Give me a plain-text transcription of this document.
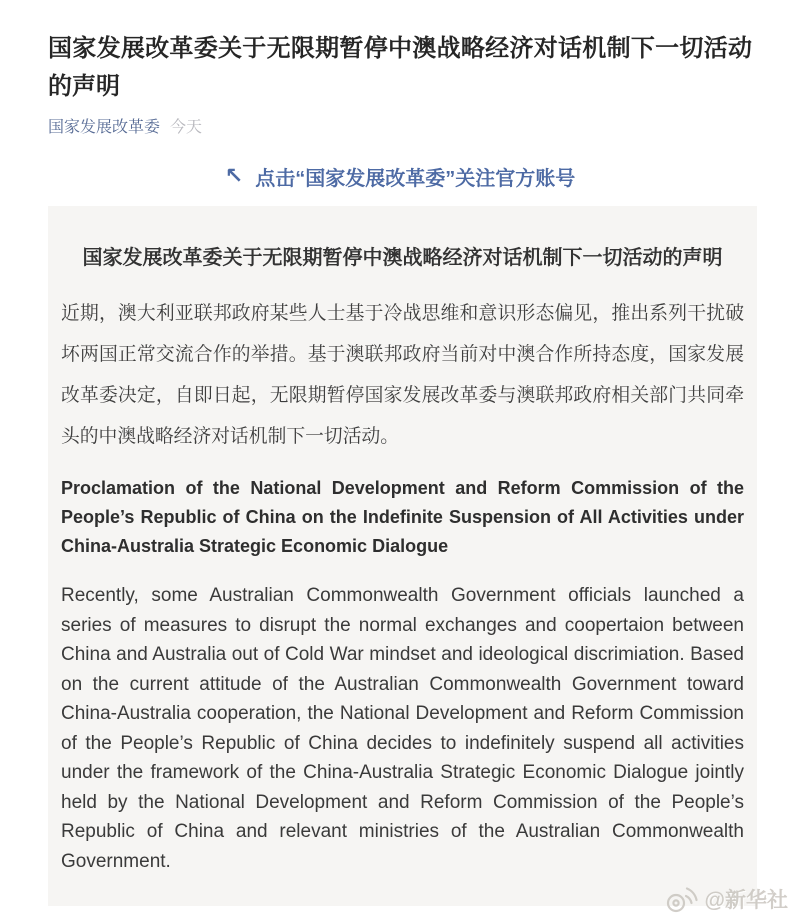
国家发展改革委关于无限期暂停中澳战略经济对话机制下一切活动的声明
国家发展改革委 今天
↖ 点击“国家发展改革委”关注官方账号
国家发展改革委关于无限期暂停中澳战略经济对话机制下一切活动的声明
近期，澳大利亚联邦政府某些人士基于冷战思维和意识形态偏见，推出系列干扰破坏两国正常交流合作的举措。基于澳联邦政府当前对中澳合作所持态度，国家发展改革委决定，自即日起，无限期暂停国家发展改革委与澳联邦政府相关部门共同牵头的中澳战略经济对话机制下一切活动。
Proclamation of the National Development and Reform Commission of the People’s Republic of China on the Indefinite Suspension of All Activities under China-Australia Strategic Economic Dialogue
Recently, some Australian Commonwealth Government officials launched a series of measures to disrupt the normal exchanges and coopertaion between China and Australia out of Cold War mindset and ideological discrimiation. Based on the current attitude of the Australian Commonwealth Government toward China-Australia cooperation, the National Development and Reform Commission of the People’s Republic of China decides to indefinitely suspend all activities under the framework of the China-Australia Strategic Economic Dialogue jointly held by the National Development and Reform Commission of the People’s Republic of China and relevant ministries of the Australian Commonwealth Government.
@新华社
